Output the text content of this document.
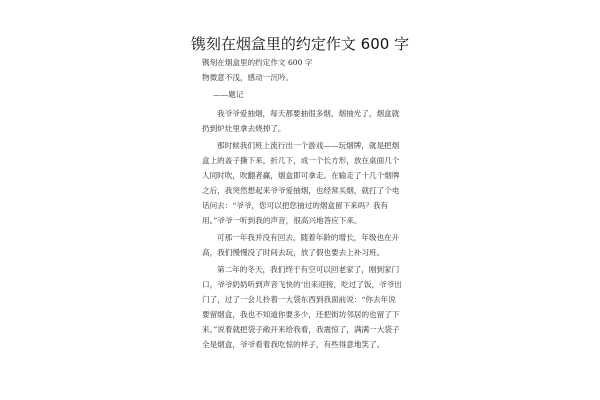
镌刻在烟盒里的约定作文 600 字
镌刻在烟盒里的约定作文 600 字
物微意不浅，感动一沉吟。
——题记

我爷爷爱抽烟，每天都要抽很多烟，烟抽光了，烟盒就扔到炉灶里拿去烧掉了。

那时候我们班上流行出一个游戏——玩烟牌，就是把烟盒上的盖子撕下来，折几下，成一个长方形，放在桌面几个人同时吹，吹翻者赢，烟盒即可拿走。在输走了十几个烟牌之后，我突然想起来爷爷爱抽烟，也经常买烟，就打了个电话问去：“爷爷，您可以把您抽过的烟盒留下来吗？我有用。”爷爷一听到我的声音，很高兴地答应下来。

可那一年我并没有回去，随着年龄的增长，年级也在升高，我们慢慢没了时间去玩，放了假也要去上补习班。

第二年的冬天，我们终于有空可以回老家了，刚到家门口，爷爷奶奶听到声音飞快的‘出来迎接，吃过了饭，爷爷出门了，过了一会儿拎着一大袋东西到我面前说：“你去年说要留烟盒，我也不知道你要多少，还把街坊邻居的也留了下来。”说着就把袋子敞开来给我看，我震惊了，满满一大袋子全是烟盒，爷爷看着我吃惊的样子，有些得意地笑了。
